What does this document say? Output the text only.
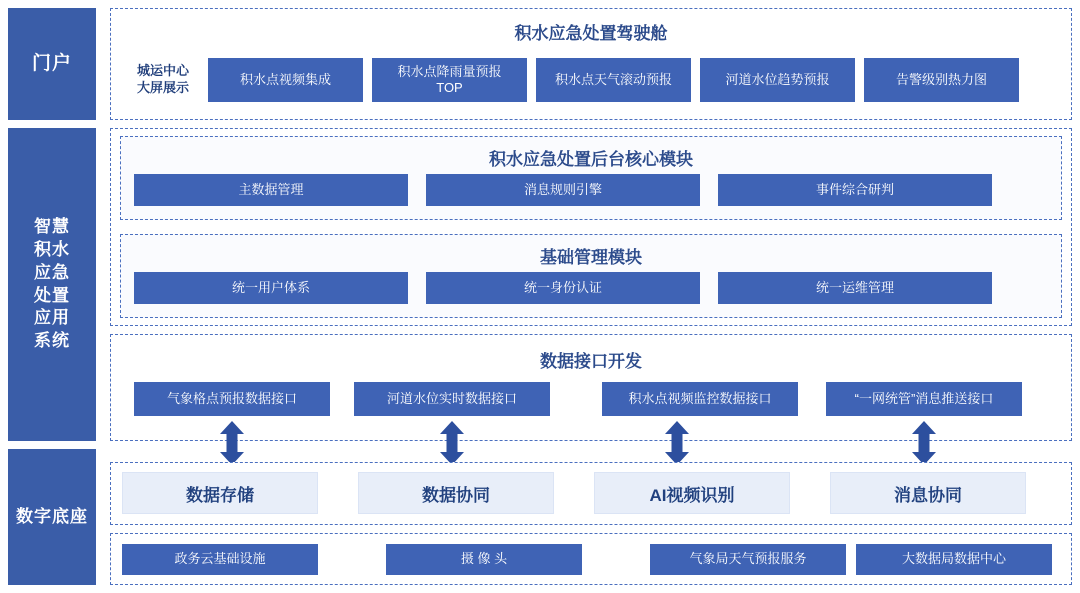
门户
智慧
积水
应急
处置
应用
系统
数字底座
积水应急处置驾驶舱
城运中心
大屏展示
积水点视频集成
积水点降雨量预报
TOP
积水点天气滚动预报	河道水位趋势预报	告警级别热力图
积水应急处置后台核心模块
主数据管理	消息规则引擎	事件综合研判
基础管理模块
统一用户体系	统一身份认证	统一运维管理
数据接口开发
气象格点预报数据接口	河道水位实时数据接口	积水点视频监控数据接口	“一网统管”消息推送接口
数据存储	数据协同	AI视频识别	消息协同
政务云基础设施	摄 像 头	气象局天气预报服务	大数据局数据中心
